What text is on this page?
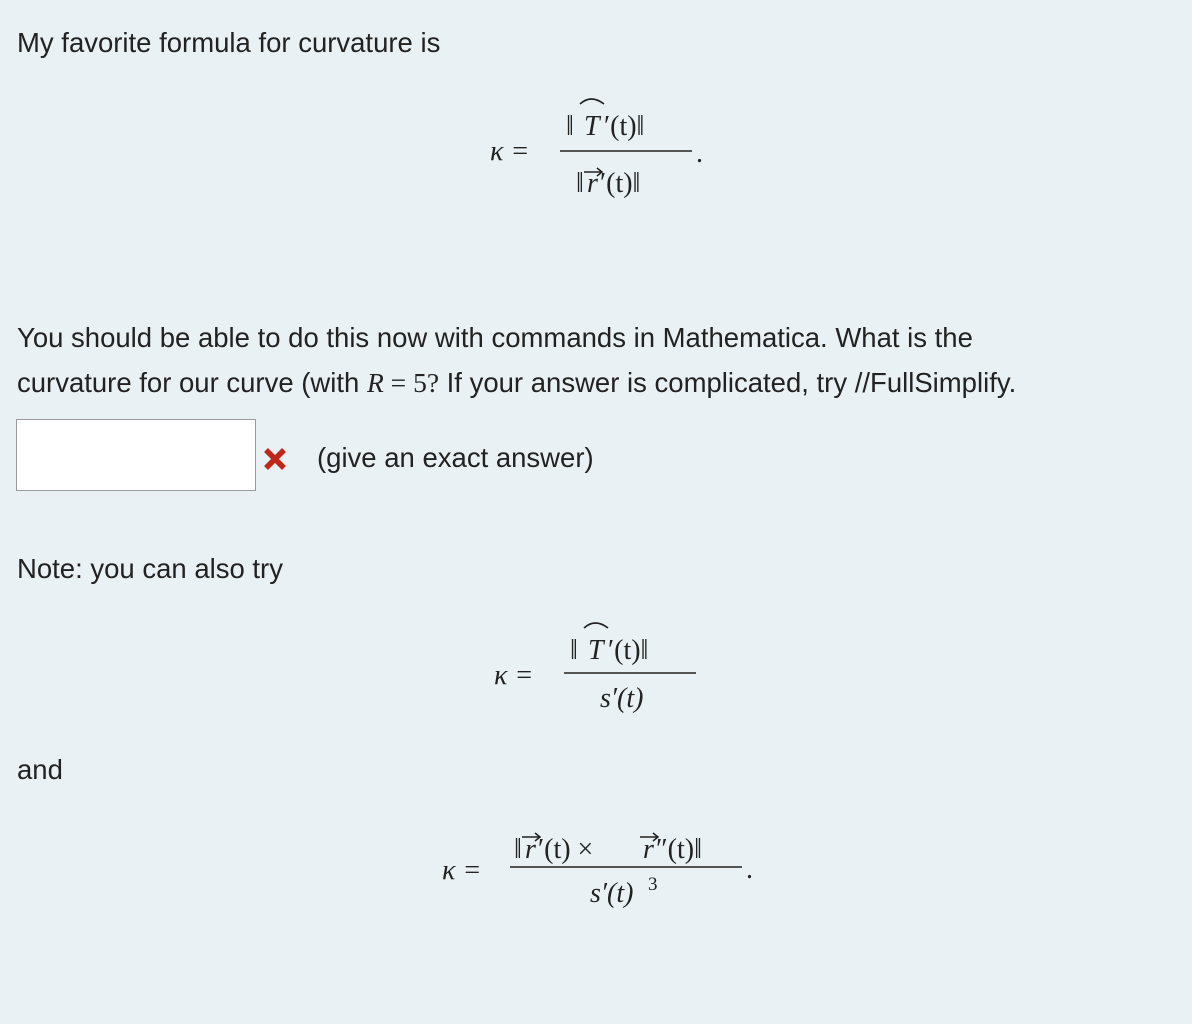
My favorite formula for curvature is
κ =
‖ T ′(t)‖
‖ r ′(t)‖
.
You should be able to do this now with commands in Mathematica. What is the
curvature for our curve (with R = 5? If your answer is complicated, try //FullSimplify.
(give an exact answer)
Note: you can also try
κ =
‖ T ′(t)‖
s′(t)
and
κ =
‖ r ′(t) × r ″(t)‖
s′(t) 3	.
